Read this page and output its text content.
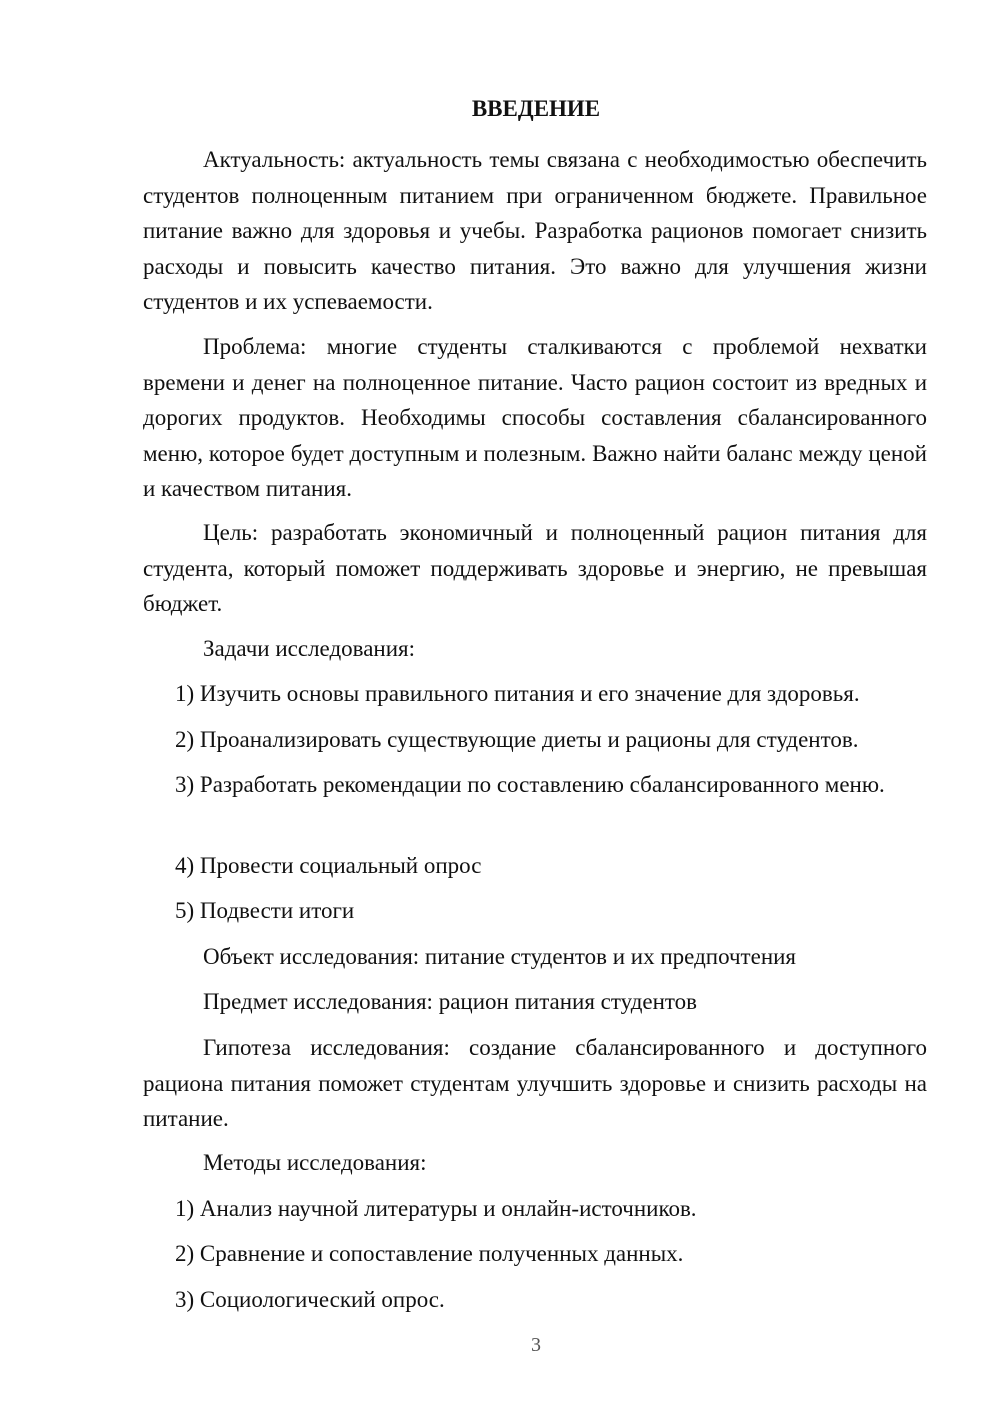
ВВЕДЕНИЕ

Актуальность: актуальность темы связана с необходимостью обеспечить студентов полноценным питанием при ограниченном бюджете. Правильное питание важно для здоровья и учебы. Разработка рационов помогает снизить расходы и повысить качество питания. Это важно для улучшения жизни студентов и их успеваемости.

Проблема: многие студенты сталкиваются с проблемой нехватки времени и денег на полноценное питание. Часто рацион состоит из вредных и дорогих продуктов. Необходимы способы составления сбалансированного меню, которое будет доступным и полезным. Важно найти баланс между ценой и качеством питания.

Цель: разработать экономичный и полноценный рацион питания для студента, который поможет поддерживать здоровье и энергию, не превышая бюджет.

Задачи исследования:

1) Изучить основы правильного питания и его значение для здоровья.

2) Проанализировать существующие диеты и рационы для студентов.

3) Разработать рекомендации по составлению сбалансированного меню.

4) Провести социальный опрос

5) Подвести итоги

Объект исследования: питание студентов и их предпочтения

Предмет исследования: рацион питания студентов

Гипотеза исследования: создание сбалансированного и доступного рациона питания поможет студентам улучшить здоровье и снизить расходы на питание.

Методы исследования:

1) Анализ научной литературы и онлайн-источников.

2) Сравнение и сопоставление полученных данных.

3) Социологический опрос.

3
